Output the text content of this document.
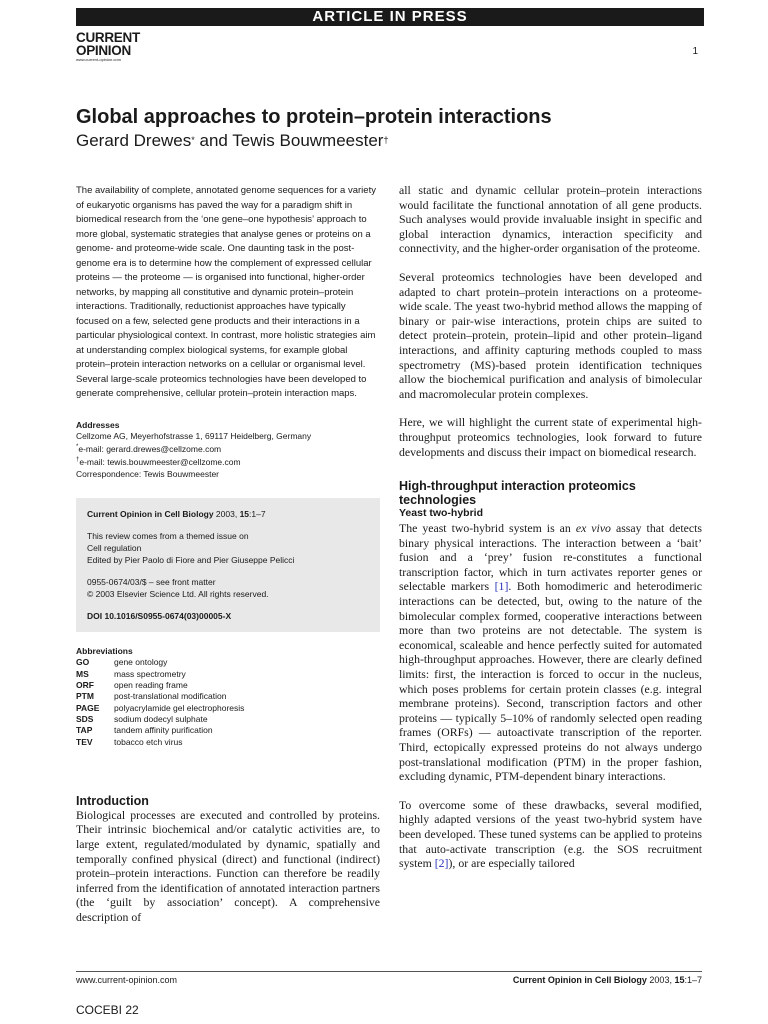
ARTICLE IN PRESS
CURRENT
OPINION
www.current-opinion.com
1
Global approaches to protein–protein interactions
Gerard Drewes* and Tewis Bouwmeester†

The availability of complete, annotated genome sequences for a variety of eukaryotic organisms has paved the way for a paradigm shift in biomedical research from the ‘one gene–one hypothesis’ approach to more global, systematic strategies that analyse genes or proteins on a genome- and proteome-wide scale. One daunting task in the post-genome era is to determine how the complement of expressed cellular proteins — the proteome — is organised into functional, higher-order networks, by mapping all constitutive and dynamic protein–protein interactions. Traditionally, reductionist approaches have typically focused on a few, selected gene products and their interactions in a particular physiological context. In contrast, more holistic strategies aim at understanding complex biological systems, for example global protein–protein interaction networks on a cellular or organismal level. Several large-scale proteomics technologies have been developed to generate comprehensive, cellular protein–protein interaction maps.

Addresses
Cellzome AG, Meyerhofstrasse 1, 69117 Heidelberg, Germany
*e-mail: gerard.drewes@cellzome.com
†e-mail: tewis.bouwmeester@cellzome.com
Correspondence: Tewis Bouwmeester
Current Opinion in Cell Biology 2003, 15:1–7
This review comes from a themed issue on
Cell regulation
Edited by Pier Paolo di Fiore and Pier Giuseppe Pelicci
0955-0674/03/$ – see front matter
© 2003 Elsevier Science Ltd. All rights reserved.
DOI 10.1016/S0955-0674(03)00005-X
Abbreviations
GO	gene ontology
MS	mass spectrometry
ORF	open reading frame
PTM	post-translational modification
PAGE	polyacrylamide gel electrophoresis
SDS	sodium dodecyl sulphate
TAP	tandem affinity purification
TEV	tobacco etch virus
Introduction

Biological processes are executed and controlled by proteins. Their intrinsic biochemical and/or catalytic activities are, to large extent, regulated/modulated by dynamic, spatially and temporally confined physical (direct) and functional (indirect) protein–protein interactions. Function can therefore be readily inferred from the identification of annotated interaction partners (the ‘guilt by association’ concept). A comprehensive description of

all static and dynamic cellular protein–protein interactions would facilitate the functional annotation of all gene products. Such analyses would provide invaluable insight in specific and global interaction dynamics, interaction specificity and connectivity, and the higher-order organisation of the proteome.

Several proteomics technologies have been developed and adapted to chart protein–protein interactions on a proteome-wide scale. The yeast two-hybrid method allows the mapping of binary or pair-wise interactions, protein chips are suited to detect protein–protein, protein–lipid and other protein–ligand interactions, and affinity capturing methods coupled to mass spectrometry (MS)-based protein identification techniques allow the biochemical purification and analysis of bimolecular and macromolecular protein complexes.

Here, we will highlight the current state of experimental high-throughput proteomics technologies, look forward to future developments and discuss their impact on biomedical research.

High-throughput interaction proteomics technologies
Yeast two-hybrid

The yeast two-hybrid system is an ex vivo assay that detects binary physical interactions. The interaction between a ‘bait’ fusion and a ‘prey’ fusion re-constitutes a functional transcription factor, which in turn activates reporter genes or selectable markers [1]. Both homodimeric and heterodimeric interactions can be detected, but, owing to the nature of the bimolecular complex formed, cooperative interactions between more than two proteins are not detectable. The system is economical, scaleable and hence perfectly suited for automated high-throughput approaches. However, there are clearly defined limits: first, the interaction is forced to occur in the nucleus, which poses problems for certain protein classes (e.g. integral membrane proteins). Second, transcription factors and other proteins — typically 5–10% of randomly selected open reading frames (ORFs) — autoactivate transcription of the reporter. Third, ectopically expressed proteins do not always undergo post-translational modification (PTM) in the proper fashion, excluding dynamic, PTM-dependent binary interactions.

To overcome some of these drawbacks, several modified, highly adapted versions of the yeast two-hybrid system have been developed. These tuned systems can be applied to proteins that auto-activate transcription (e.g. the SOS recruitment system [2]), or are especially tailored

www.current-opinion.com	Current Opinion in Cell Biology 2003, 15:1–7
COCEBI 22
